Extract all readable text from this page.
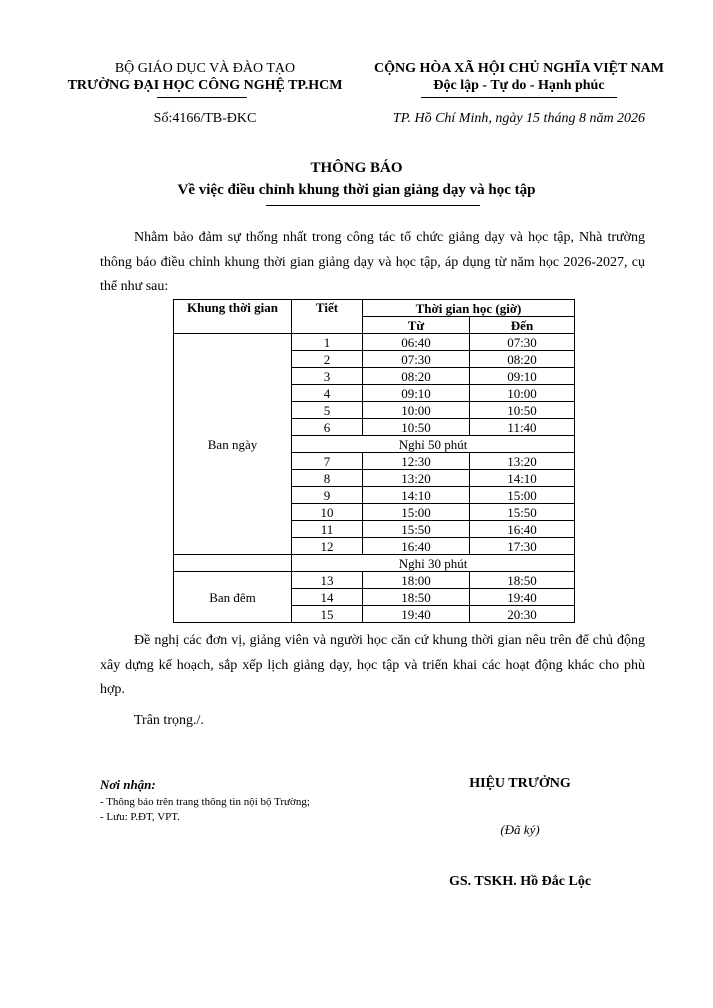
BỘ GIÁO DỤC VÀ ĐÀO TẠO
TRƯỜNG ĐẠI HỌC CÔNG NGHỆ TP.HCM
CỘNG HÒA XÃ HỘI CHỦ NGHĨA VIỆT NAM
Độc lập - Tự do - Hạnh phúc
Số:4166/TB-ĐKC	TP. Hồ Chí Minh, ngày 15 tháng 8 năm 2026
THÔNG BÁO
Về việc điều chỉnh khung thời gian giảng dạy và học tập
Nhằm bảo đảm sự thống nhất trong công tác tổ chức giảng dạy và học tập, Nhà trường thông báo điều chỉnh khung thời gian giảng dạy và học tập, áp dụng từ năm học 2026-2027, cụ thể như sau:
Khung thời gian	Tiết	Thời gian học (giờ)	
		Từ	Đến
Ban ngày	1	06:40	07:30
	2	07:30	08:20
	3	08:20	09:10
	4	09:10	10:00
	5	10:00	10:50
	6	10:50	11:40
	Nghỉ 50 phút		
	7	12:30	13:20
	8	13:20	14:10
	9	14:10	15:00
	10	15:00	15:50
	11	15:50	16:40
	12	16:40	17:30
	Nghỉ 30 phút		
Ban đêm	13	18:00	18:50
	14	18:50	19:40
	15	19:40	20:30
Đề nghị các đơn vị, giảng viên và người học căn cứ khung thời gian nêu trên để chủ động xây dựng kế hoạch, sắp xếp lịch giảng dạy, học tập và triển khai các hoạt động khác cho phù hợp.
Trân trọng./.
Nơi nhận:
- Thông báo trên trang thông tin nội bộ Trường;
- Lưu: P.ĐT, VPT.
HIỆU TRƯỞNG
(Đã ký)
GS. TSKH. Hồ Đắc Lộc
